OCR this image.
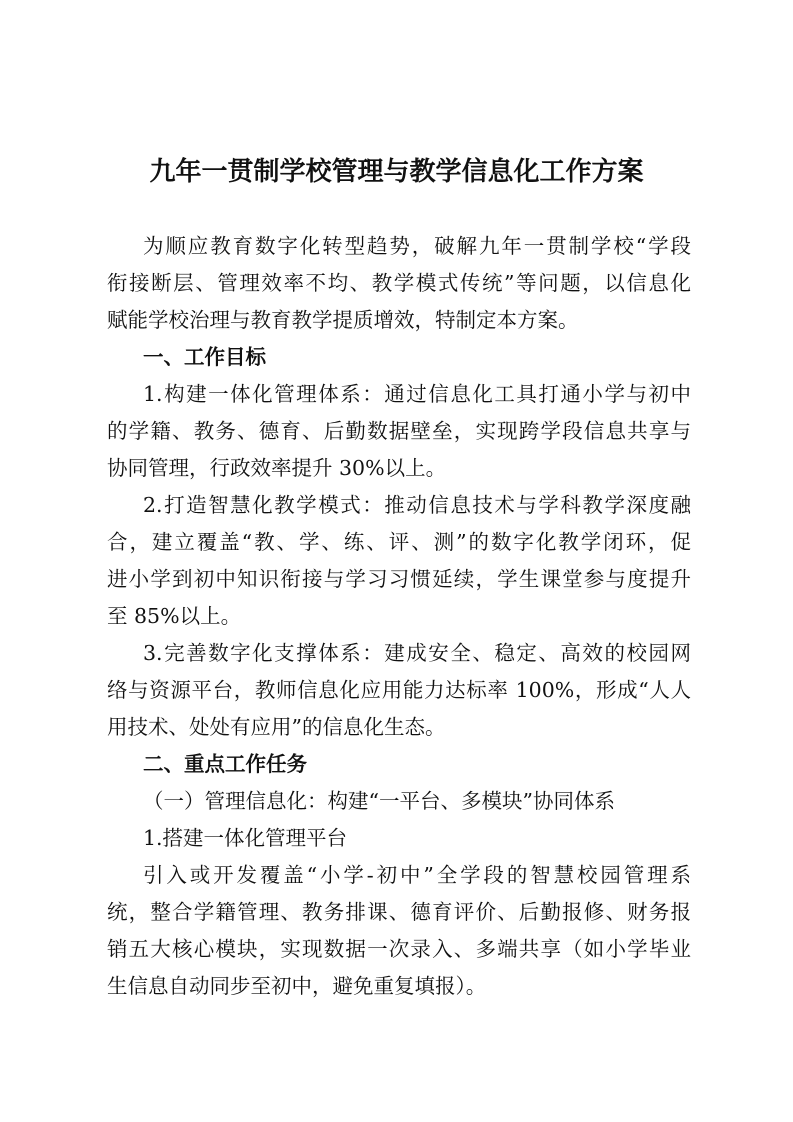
九年一贯制学校管理与教学信息化工作方案
为顺应教育数字化转型趋势，破解九年一贯制学校“学段
衔接断层、管理效率不均、教学模式传统”等问题，以信息化
赋能学校治理与教育教学提质增效，特制定本方案。
一、工作目标
1.构建一体化管理体系：通过信息化工具打通小学与初中
的学籍、教务、德育、后勤数据壁垒，实现跨学段信息共享与
协同管理，行政效率提升 30%以上。
2.打造智慧化教学模式：推动信息技术与学科教学深度融
合，建立覆盖“教、学、练、评、测”的数字化教学闭环，促
进小学到初中知识衔接与学习习惯延续，学生课堂参与度提升
至 85%以上。
3.完善数字化支撑体系：建成安全、稳定、高效的校园网
络与资源平台，教师信息化应用能力达标率 100%，形成“人人
用技术、处处有应用”的信息化生态。
二、重点工作任务
（一）管理信息化：构建“一平台、多模块”协同体系
1.搭建一体化管理平台
引入或开发覆盖“小学-初中”全学段的智慧校园管理系
统，整合学籍管理、教务排课、德育评价、后勤报修、财务报
销五大核心模块，实现数据一次录入、多端共享（如小学毕业
生信息自动同步至初中，避免重复填报）。
